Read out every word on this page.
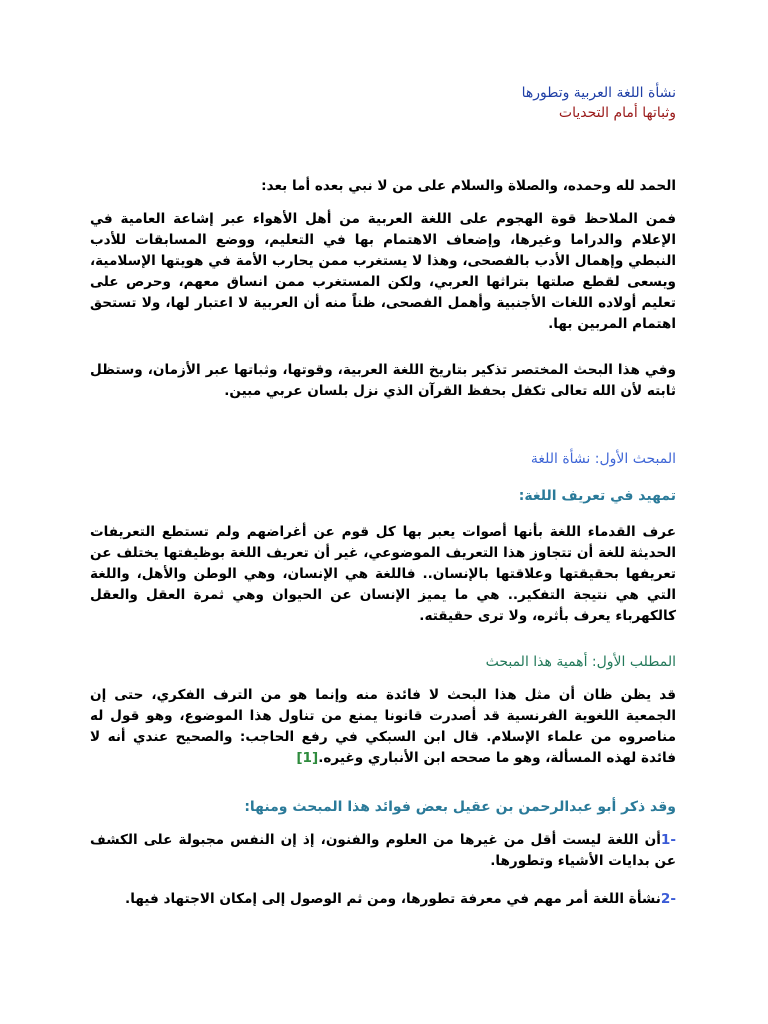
نشأة اللغة العربية وتطورها
وثباتها أمام التحديات
الحمد لله وحمده، والصلاة والسلام على من لا نبي بعده أما بعد:
فمن الملاحظ قوة الهجوم على اللغة العربية من أهل الأهواء عبر إشاعة العامية في الإعلام والدراما وغيرها، وإضعاف الاهتمام بها في التعليم، ووضع المسابقات للأدب النبطي وإهمال الأدب بالفصحى، وهذا لا يستغرب ممن يحارب الأمة في هويتها الإسلامية، ويسعى لقطع صلتها بتراثها العربي، ولكن المستغرب ممن انساق معهم، وحرص على تعليم أولاده اللغات الأجنبية وأهمل الفصحى، ظناً منه أن العربية لا اعتبار لها، ولا تستحق اهتمام المربين بها.
وفي هذا البحث المختصر تذكير بتاريخ اللغة العربية، وقوتها، وثباتها عبر الأزمان، وستظل ثابته لأن الله تعالى تكفل بحفظ القرآن الذي نزل بلسان عربي مبين.
المبحث الأول: نشأة اللغة
تمهيد في تعريف اللغة:
عرف القدماء اللغة بأنها أصوات يعبر بها كل قوم عن أغراضهم ولم تستطع التعريفات الحديثة للغة أن تتجاوز هذا التعريف الموضوعي، غير أن تعريف اللغة بوظيفتها يختلف عن تعريفها بحقيقتها وعلاقتها بالإنسان.. فاللغة هي الإنسان، وهي الوطن والأهل، واللغة التي هي نتيجة التفكير.. هي ما يميز الإنسان عن الحيوان وهي ثمرة العقل والعقل كالكهرباء يعرف بأثره، ولا ترى حقيقته.
المطلب الأول: أهمية هذا المبحث
قد يظن ظان أن مثل هذا البحث لا فائدة منه وإنما هو من الترف الفكري، حتى إن الجمعية اللغوية الفرنسية قد أصدرت قانونا يمنع من تناول هذا الموضوع، وهو قول له مناصروه من علماء الإسلام. قال ابن السبكي في رفع الحاجب: والصحيح عندي أنه لا فائدة لهذه المسألة، وهو ما صححه ابن الأنباري وغيره.[1]
وقد ذكر أبو عبدالرحمن بن عقيل بعض فوائد هذا المبحث ومنها:
-1أن اللغة ليست أقل من غيرها من العلوم والفنون، إذ إن النفس مجبولة على الكشف عن بدايات الأشياء وتطورها.
-2نشأة اللغة أمر مهم في معرفة تطورها، ومن ثم الوصول إلى إمكان الاجتهاد فيها.
